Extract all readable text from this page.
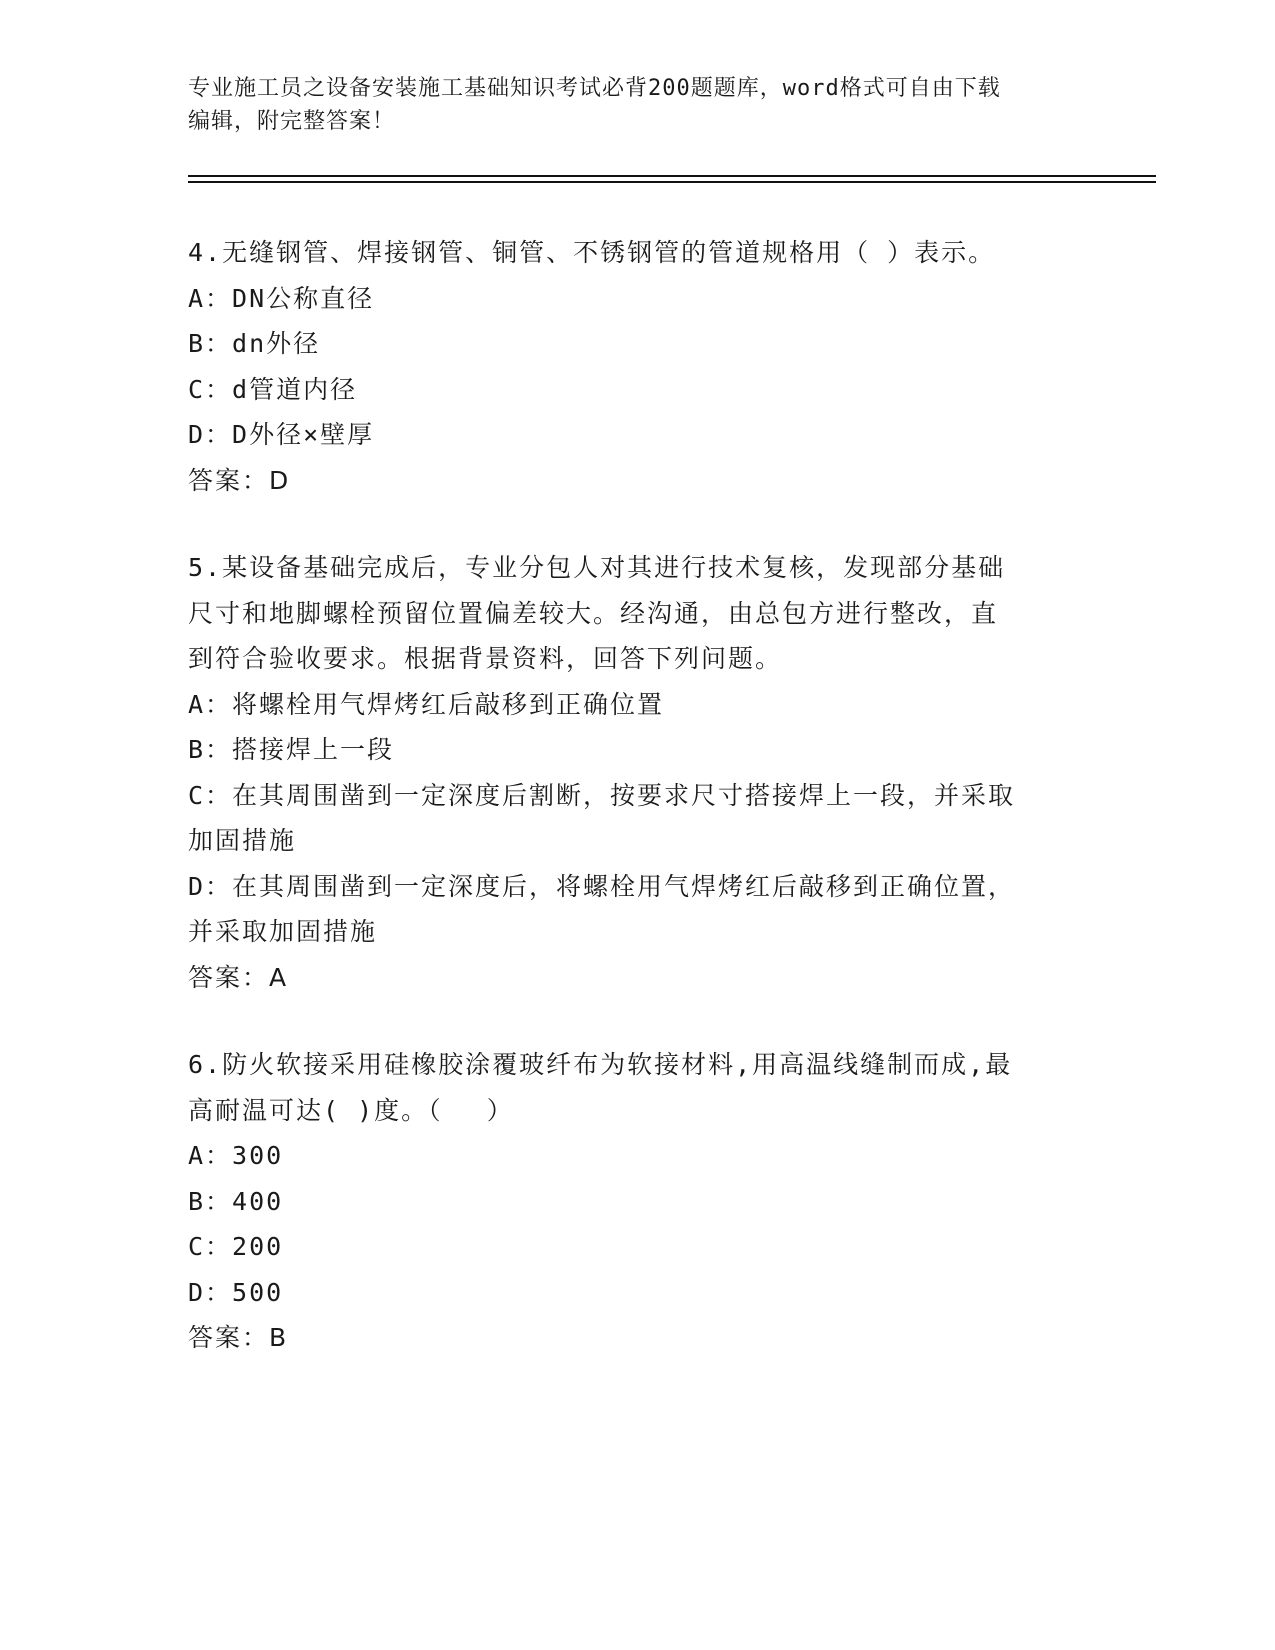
专业施工员之设备安装施工基础知识考试必背200题题库，word格式可自由下载
编辑，附完整答案！
4.无缝钢管、焊接钢管、铜管、不锈钢管的管道规格用（ ）表示。
A：DN公称直径
B：dn外径
C：d管道内径
D：D外径×壁厚
答案：D
5.某设备基础完成后，专业分包人对其进行技术复核，发现部分基础
尺寸和地脚螺栓预留位置偏差较大。经沟通，由总包方进行整改，直
到符合验收要求。根据背景资料，回答下列问题。
A：将螺栓用气焊烤红后敲移到正确位置
B：搭接焊上一段
C：在其周围凿到一定深度后割断，按要求尺寸搭接焊上一段，并采取
加固措施
D：在其周围凿到一定深度后，将螺栓用气焊烤红后敲移到正确位置，
并采取加固措施
答案：A
6.防火软接采用硅橡胶涂覆玻纤布为软接材料,用高温线缝制而成,最
高耐温可达( )度。（　 ）
A：300
B：400
C：200
D：500
答案：B
